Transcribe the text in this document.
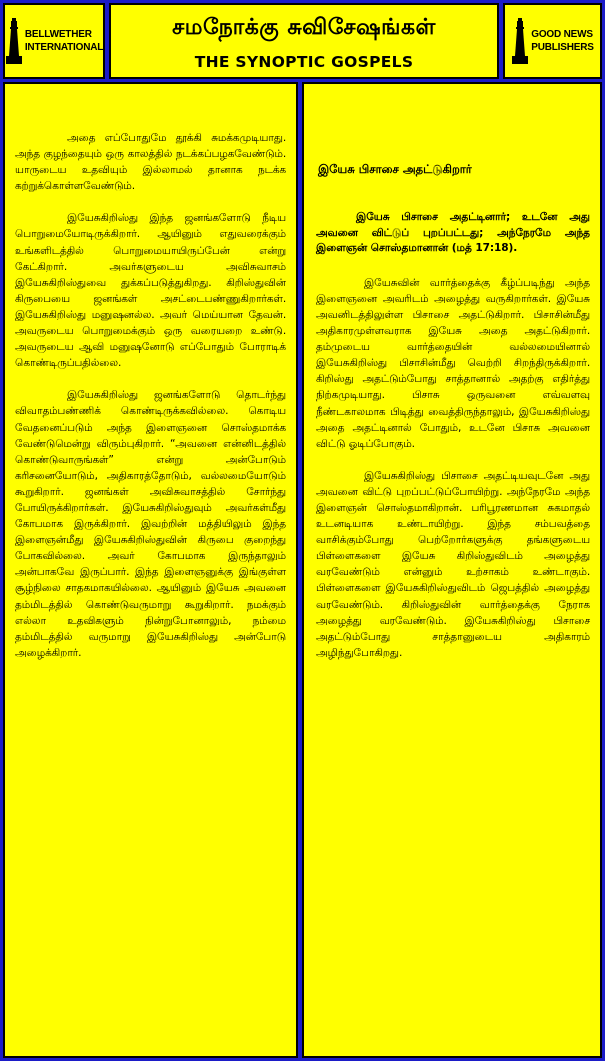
BELLWETHER
INTERNATIONAL
சமநோக்கு சுவிசேஷங்கள்
THE SYNOPTIC GOSPELS
GOOD NEWS
PUBLISHERS

அதை எப்போதுமே தூக்கி சுமக்கமுடியாது. அந்த குழந்தையும் ஒரு காலத்தில் நடக்கப்பழகவேண்டும். யாருடைய உதவியும் இல்லாமல் தானாக நடக்க கற்றுக்கொள்ளவேண்டும்.

இயேசுகிறிஸ்து இந்த ஜனங்களோடு நீடிய பொறுமையோடிருக்கிறார். ஆயினும் எதுவரைக்கும் உங்களிடத்தில் பொறுமையாயிருப்பேன் என்று கேட்கிறார். அவர்களுடைய அவிசுவாசம் இயேசுகிறிஸ்துவை துக்கப்படுத்துகிறது. கிறிஸ்துவின் கிருபையை ஜனங்கள் அசட்டைபண்ணுகிறார்கள். இயேசுகிறிஸ்து மனுஷனல்ல. அவர் மெய்யான தேவன். அவருடைய பொறுமைக்கும் ஒரு வரையறை உண்டு. அவருடைய ஆவி மனுஷனோடு எப்போதும் போராடிக் கொண்டிருப்பதில்லை.

இயேசுகிறிஸ்து ஜனங்களோடு தொடர்ந்து விவாதம்பண்ணிக் கொண்டிருக்கவில்லை. கொடிய வேதனைப்படும் அந்த இளைஞனை சொஸ்தமாக்க வேண்டுமென்று விரும்புகிறார். “அவனை என்னிடத்தில் கொண்டுவாருங்கள்” என்று அன்போடும் கரிசனையோடும், அதிகாரத்தோடும், வல்லமையோடும் கூறுகிறார். ஜனங்கள் அவிசுவாசத்தில் சோர்ந்து போயிருக்கிறார்கள். இயேசுகிறிஸ்துவும் அவர்கள்மீது கோபமாக இருக்கிறார். இவற்றின் மத்தியிலும் இந்த இளைஞன்மீது இயேசுகிறிஸ்துவின் கிருபை குறைந்து போகவில்லை. அவர் கோபமாக இருந்தாலும் அன்பாகவே இருப்பார். இந்த இளைஞனுக்கு இங்குள்ள சூழ்நிலை சாதகமாகயில்லை. ஆயினும் இயேசு அவனை தம்மிடத்தில் கொண்டுவருமாறு கூறுகிறார். நமக்கும் எல்லா உதவிகளும் நின்றுபோனாலும், நம்மை தம்மிடத்தில் வருமாறு இயேசுகிறிஸ்து அன்போடு அழைக்கிறார்.

இயேசு பிசாசை அதட்டுகிறார்

இயேசு பிசாசை அதட்டினார்; உடனே அது அவனை விட்டுப் புறப்பட்டது; அந்நேரமே அந்த இளைஞன் சொஸ்தமானான் (மத் 17:18).

இயேசுவின் வார்த்தைக்கு கீழ்ப்படிந்து அந்த இளைஞனை அவரிடம் அழைத்து வருகிறார்கள். இயேசு அவனிடத்திலுள்ள பிசாசை அதட்டுகிறார். பிசாசின்மீது அதிகாரமுள்ளவராக இயேசு அதை அதட்டுகிறார். தம்முடைய வார்த்தையின் வல்லமையினால் இயேசுகிறிஸ்து பிசாசின்மீது வெற்றி சிறந்திருக்கிறார். கிறிஸ்து அதட்டும்போது சாத்தானால் அதற்கு எதிர்த்து நிற்கமுடியாது. பிசாசு ஒருவனை எவ்வளவு நீண்டகாலமாக பிடித்து வைத்திருந்தாலும், இயேசுகிறிஸ்து அதை அதட்டினால் போதும், உடனே பிசாசு அவனை விட்டு ஓடிப்போகும்.

இயேசுகிறிஸ்து பிசாசை அதட்டியவுடனே அது அவனை விட்டு புறப்பட்டுப்போயிற்று. அந்நேரமே அந்த இளைஞன் சொஸ்தமாகிறான். பரிபூரணமான சுகமாதல் உடனடியாக உண்டாயிற்று. இந்த சம்பவத்தை வாசிக்கும்போது பெற்றோர்களுக்கு தங்களுடைய பிள்ளைகளை இயேசு கிறிஸ்துவிடம் அழைத்து வரவேண்டும் என்னும் உற்சாகம் உண்டாகும். பிள்ளைகளை இயேசுகிறிஸ்துவிடம் ஜெபத்தில் அழைத்து வரவேண்டும். கிறிஸ்துவின் வார்த்தைக்கு நேராக அழைத்து வரவேண்டும். இயேசுகிறிஸ்து பிசாசை அதட்டும்போது சாத்தானுடைய அதிகாரம் அழிந்துபோகிறது.
